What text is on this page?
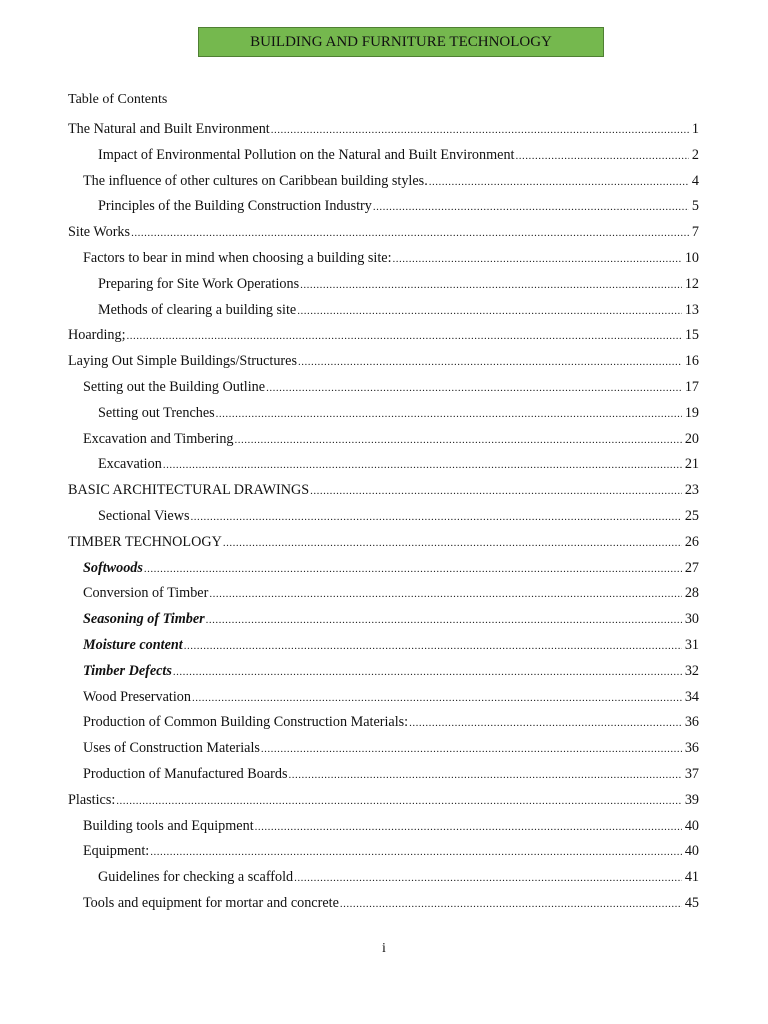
BUILDING AND FURNITURE TECHNOLOGY
Table of Contents
The Natural and Built Environment .....	1
Impact of Environmental Pollution on the Natural and Built Environment .....	2
The influence of other cultures on Caribbean building styles. .....	4
Principles of the Building Construction Industry .....	5
Site Works .....	7
Factors to bear in mind when choosing a building site: .....	10
Preparing for Site Work Operations .....	12
Methods of clearing a building site .....	13
Hoarding; .....	15
Laying Out Simple Buildings/Structures .....	16
Setting out the Building Outline .....	17
Setting out Trenches .....	19
Excavation and Timbering .....	20
Excavation .....	21
BASIC ARCHITECTURAL DRAWINGS .....	23
Sectional Views .....	25
TIMBER TECHNOLOGY .....	26
Softwoods .....	27
Conversion of Timber .....	28
Seasoning of Timber .....	30
Moisture content .....	31
Timber Defects .....	32
Wood Preservation .....	34
Production of Common Building Construction Materials: .....	36
Uses of Construction Materials .....	36
Production of Manufactured Boards .....	37
Plastics: .....	39
Building tools and Equipment .....	40
Equipment: .....	40
Guidelines for checking a scaffold .....	41
Tools and equipment for mortar and concrete .....	45
i
